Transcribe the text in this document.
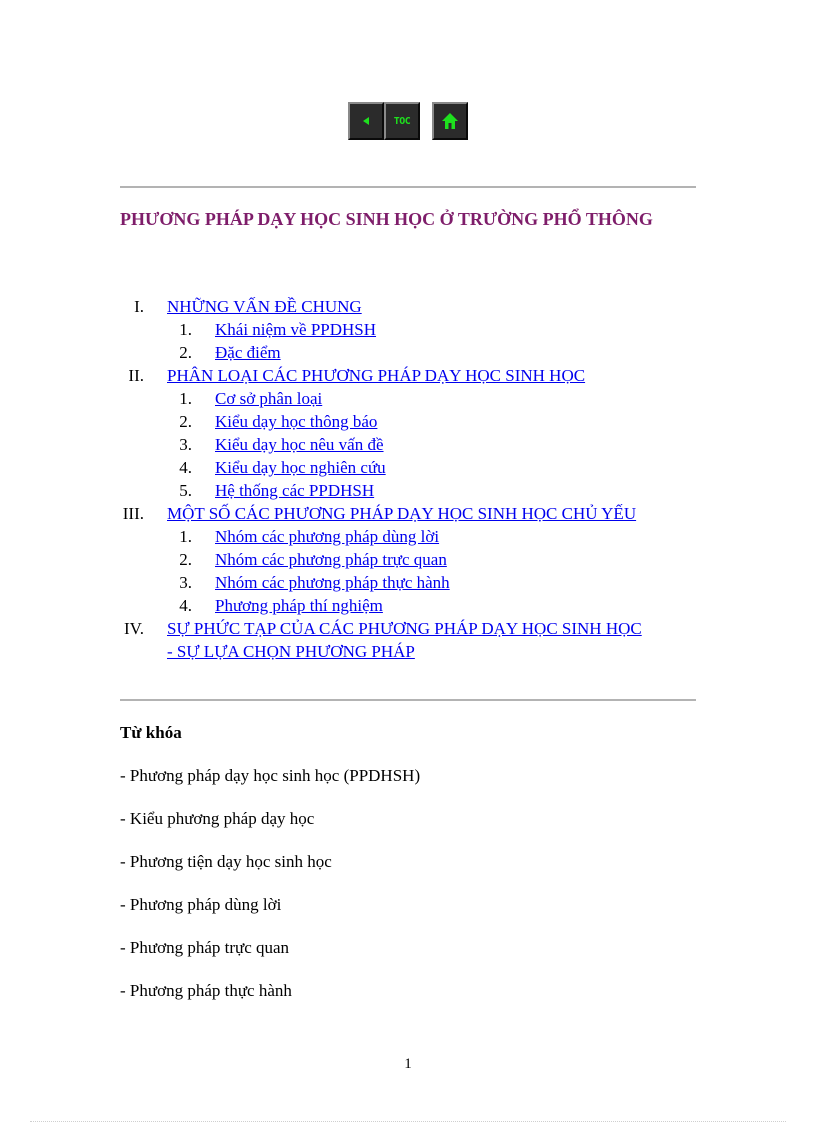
TOC
PHƯƠNG PHÁP DẠY HỌC SINH HỌC Ở TRƯỜNG PHỔ THÔNG
I. NHỮNG VẤN ĐỀ CHUNG
1. Khái niệm về PPDHSH
2. Đặc điểm
II. PHÂN LOẠI CÁC PHƯƠNG PHÁP DẠY HỌC SINH HỌC
1. Cơ sở phân loại
2. Kiểu dạy học thông báo
3. Kiểu dạy học nêu vấn đề
4. Kiểu dạy học nghiên cứu
5. Hệ thống các PPDHSH
III. MỘT SỐ CÁC PHƯƠNG PHÁP DẠY HỌC SINH HỌC CHỦ YẾU
1. Nhóm các phương pháp dùng lời
2. Nhóm các phương pháp trực quan
3. Nhóm các phương pháp thực hành
4. Phương pháp thí nghiệm
IV. SỰ PHỨC TẠP CỦA CÁC PHƯƠNG PHÁP DẠY HỌC SINH HỌC
- SỰ LỰA CHỌN PHƯƠNG PHÁP
Từ khóa
- Phương pháp dạy học sinh học (PPDHSH)
- Kiểu phương pháp dạy học
- Phương tiện dạy học sinh học
- Phương pháp dùng lời
- Phương pháp trực quan
- Phương pháp thực hành
1
